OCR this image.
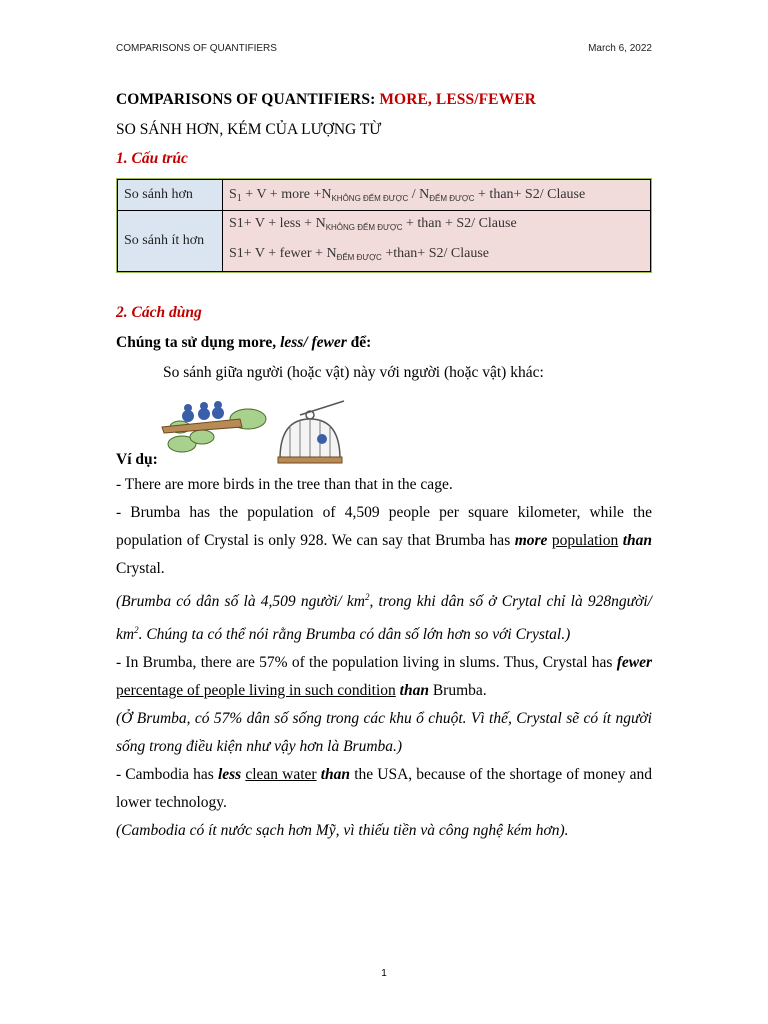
COMPARISONS OF QUANTIFIERS	March 6, 2022

COMPARISONS OF QUANTIFIERS: MORE, LESS/FEWER

SO SÁNH HƠN, KÉM CỦA LƯỢNG TỪ

1. Cấu trúc
So sánh hơn	$S_1 + V$ + more $+N_{KHÔNG ĐẾM ĐƯỢC} / N_{ĐẾM ĐƯỢC}$ + than+ S2/ Clause
So sánh ít hơn	S1+ V + less + $N_{KHÔNG ĐẾM ĐƯỢC}$ + than + S2/ Clause
S1+ V + fewer + $N_{ĐẾM ĐƯỢC}$ +than+ S2/ Clause
2. Cách dùng
Chúng ta sử dụng more, less/ fewer để:
So sánh giữa người (hoặc vật) này với người (hoặc vật) khác:
Ví dụ:

- There are more birds in the tree than that in the cage.

- Brumba has the population of 4,509 people per square kilometer, while the population of Crystal is only 928. We can say that Brumba has more population than Crystal.

(Brumba có dân số là 4,509 người/ $km^2$, trong khi dân số ở Crytal chỉ là 928người/ $km^2$. Chúng ta có thể nói rằng Brumba có dân số lớn hơn so với Crystal.)

- In Brumba, there are 57% of the population living in slums. Thus, Crystal has fewer percentage of people living in such condition than Brumba.

(Ở Brumba, có 57% dân số sống trong các khu ổ chuột. Vì thế, Crystal sẽ có ít người sống trong điều kiện như vậy hơn là Brumba.)

- Cambodia has less clean water than the USA, because of the shortage of money and lower technology.

(Cambodia có ít nước sạch hơn Mỹ, vì thiếu tiền và công nghệ kém hơn).

1
